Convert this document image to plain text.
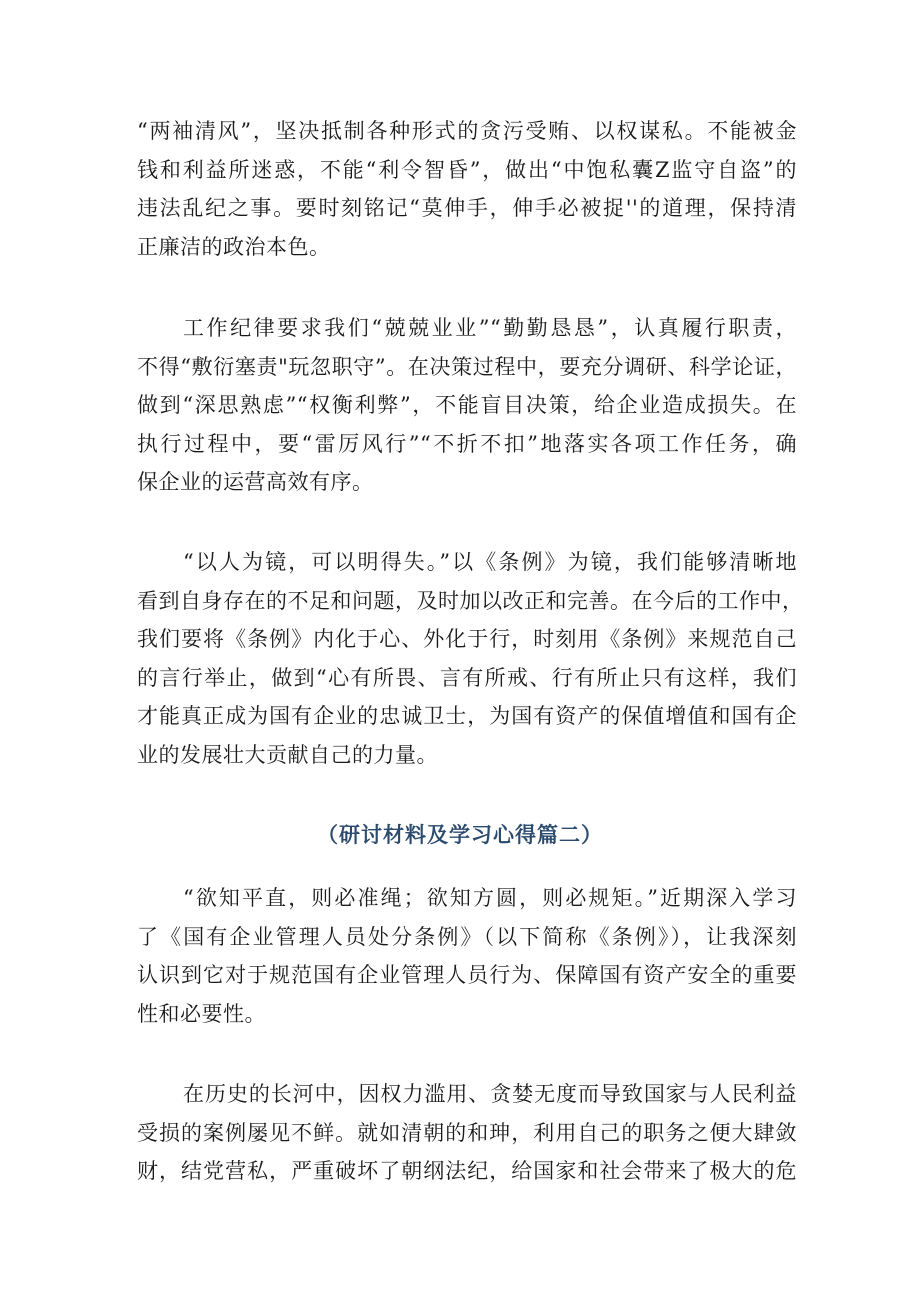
“两袖清风”，坚决抵制各种形式的贪污受贿、以权谋私。不能被金
钱和利益所迷惑，不能“利令智昏”，做出“中饱私囊Z监守自盗”的
违法乱纪之事。要时刻铭记“莫伸手，伸手必被捉''的道理，保持清
正廉洁的政治本色。
工作纪律要求我们“兢兢业业”“勤勤恳恳”，认真履行职责，
不得“敷衍塞责"玩忽职守”。在决策过程中，要充分调研、科学论证，
做到“深思熟虑”“权衡利弊”，不能盲目决策，给企业造成损失。在
执行过程中，要“雷厉风行”“不折不扣”地落实各项工作任务，确
保企业的运营高效有序。
“以人为镜，可以明得失。”以《条例》为镜，我们能够清晰地
看到自身存在的不足和问题，及时加以改正和完善。在今后的工作中，
我们要将《条例》内化于心、外化于行，时刻用《条例》来规范自己
的言行举止，做到“心有所畏、言有所戒、行有所止只有这样，我们
才能真正成为国有企业的忠诚卫士，为国有资产的保值增值和国有企
业的发展壮大贡献自己的力量。
（研讨材料及学习心得篇二）
“欲知平直，则必准绳；欲知方圆，则必规矩。”近期深入学习
了《国有企业管理人员处分条例》（以下简称《条例》），让我深刻
认识到它对于规范国有企业管理人员行为、保障国有资产安全的重要
性和必要性。
在历史的长河中，因权力滥用、贪婪无度而导致国家与人民利益
受损的案例屡见不鲜。就如清朝的和珅，利用自己的职务之便大肆敛
财，结党营私，严重破坏了朝纲法纪，给国家和社会带来了极大的危
